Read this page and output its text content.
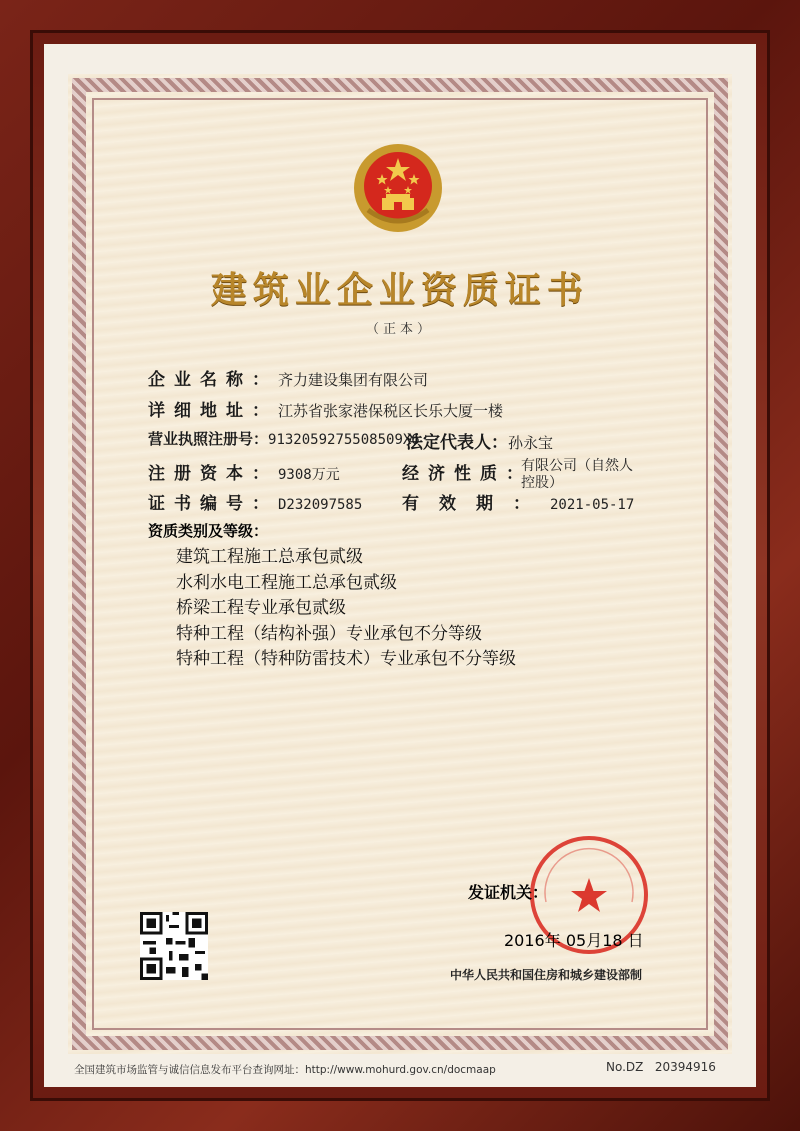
建筑业企业资质证书
（正本）
企业名称：齐力建设集团有限公司
详细地址：江苏省张家港保税区长乐大厦一楼
营业执照注册号：9132059275508509X6
法定代表人：孙永宝
注册资本：9308万元	经济性质：
有限公司（自然人
控股）
证书编号：D232097585 有效期：2021-05-17
资质类别及等级：
建筑工程施工总承包贰级
水利水电工程施工总承包贰级
桥梁工程专业承包贰级
特种工程（结构补强）专业承包不分等级
特种工程（特种防雷技术）专业承包不分等级
发证机关：
2016年 05月18 日
中华人民共和国住房和城乡建设部制
全国建筑市场监管与诚信信息发布平台查询网址：http://www.mohurd.gov.cn/docmaap	No.DZ 20394916
